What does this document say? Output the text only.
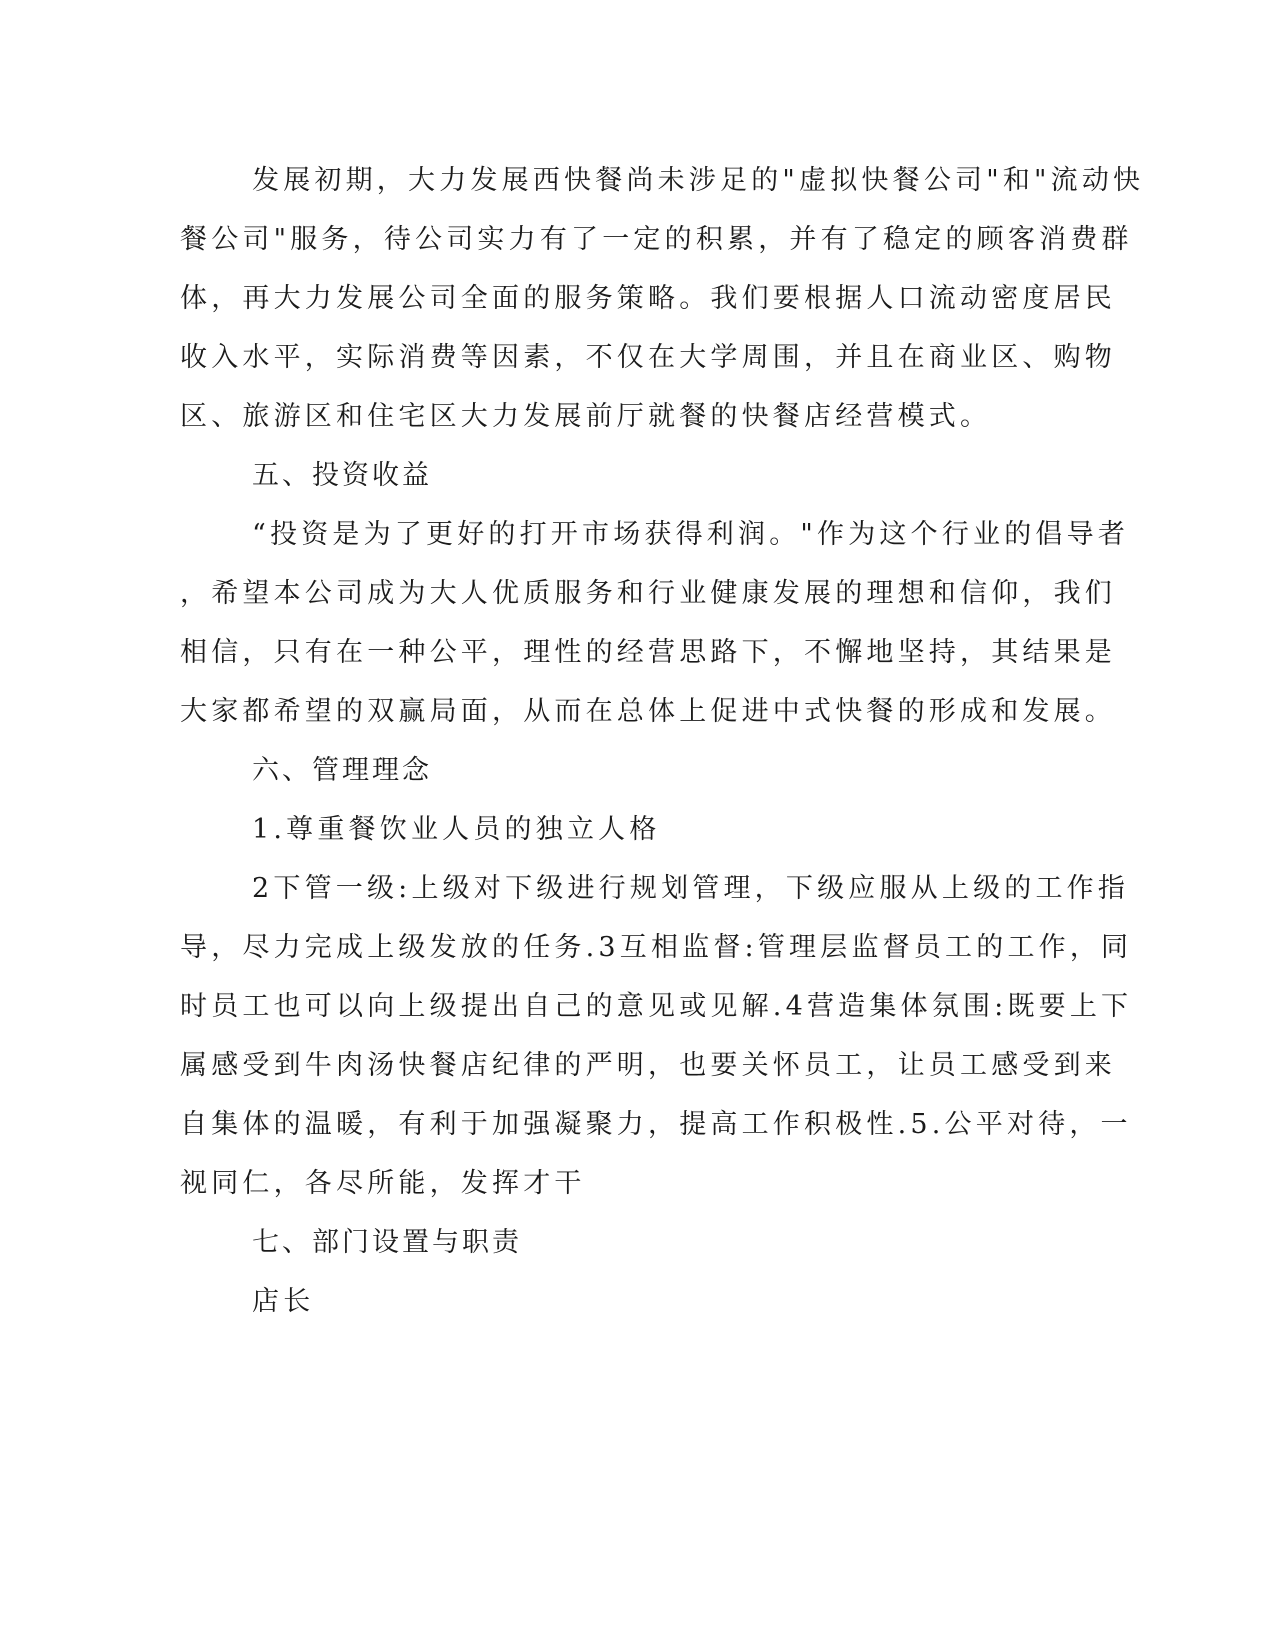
发展初期，大力发展西快餐尚未涉足的"虚拟快餐公司"和"流动快
餐公司"服务，待公司实力有了一定的积累，并有了稳定的顾客消费群
体，再大力发展公司全面的服务策略。我们要根据人口流动密度居民
收入水平，实际消费等因素，不仅在大学周围，并且在商业区、购物
区、旅游区和住宅区大力发展前厅就餐的快餐店经营模式。
五、投资收益
“投资是为了更好的打开市场获得利润。"作为这个行业的倡导者
，希望本公司成为大人优质服务和行业健康发展的理想和信仰，我们
相信，只有在一种公平，理性的经营思路下，不懈地坚持，其结果是
大家都希望的双赢局面，从而在总体上促进中式快餐的形成和发展。
六、管理理念
1.尊重餐饮业人员的独立人格
2下管一级:上级对下级进行规划管理，下级应服从上级的工作指
导，尽力完成上级发放的任务.3互相监督:管理层监督员工的工作，同
时员工也可以向上级提出自己的意见或见解.4营造集体氛围:既要上下
属感受到牛肉汤快餐店纪律的严明，也要关怀员工，让员工感受到来
自集体的温暖，有利于加强凝聚力，提高工作积极性.5.公平对待，一
视同仁，各尽所能，发挥才干
七、部门设置与职责
店长
